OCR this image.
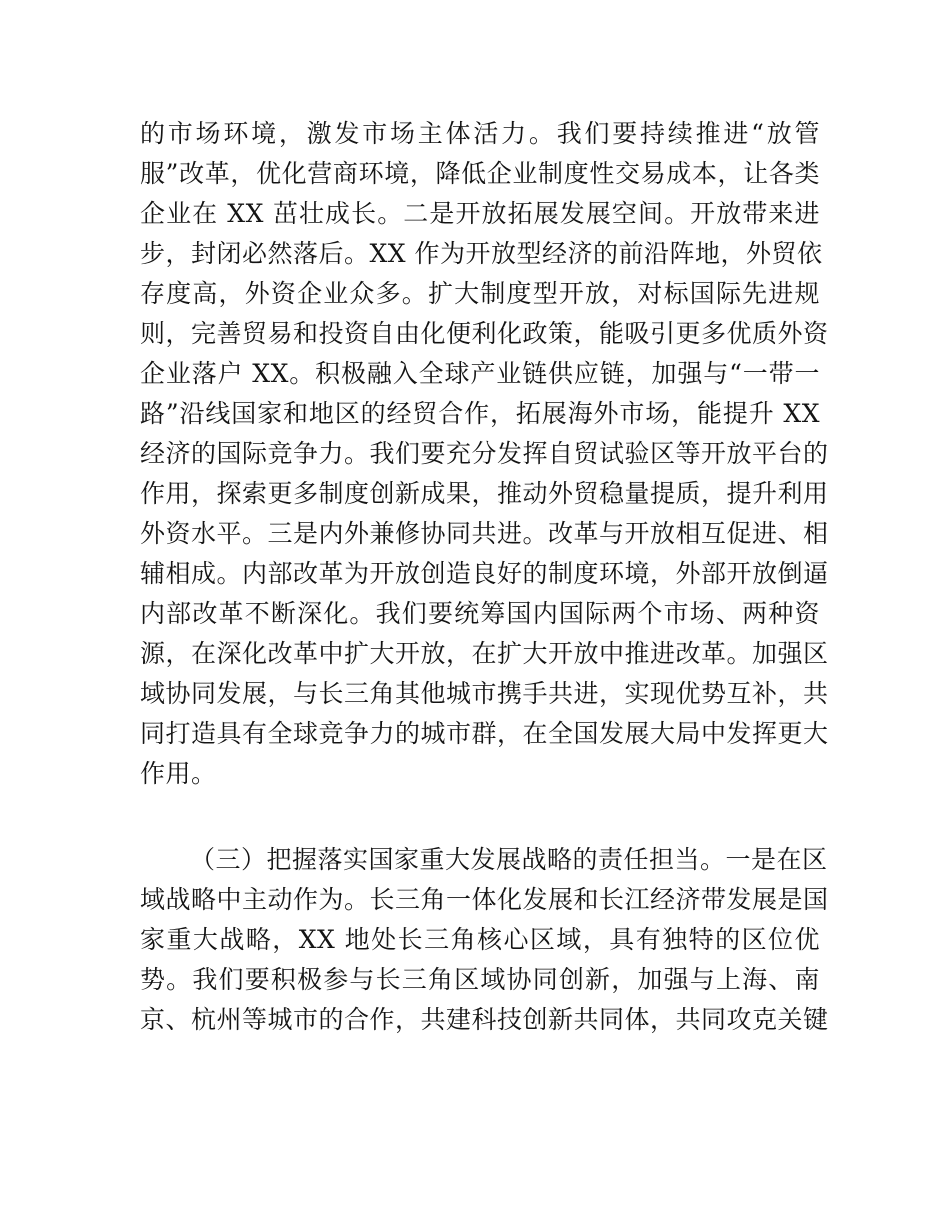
的市场环境，激发市场主体活力。我们要持续推进“放管
服”改革，优化营商环境，降低企业制度性交易成本，让各类
企业在 XX 茁壮成长。二是开放拓展发展空间。开放带来进
步，封闭必然落后。XX 作为开放型经济的前沿阵地，外贸依
存度高，外资企业众多。扩大制度型开放，对标国际先进规
则，完善贸易和投资自由化便利化政策，能吸引更多优质外资
企业落户 XX。积极融入全球产业链供应链，加强与“一带一
路”沿线国家和地区的经贸合作，拓展海外市场，能提升 XX
经济的国际竞争力。我们要充分发挥自贸试验区等开放平台的
作用，探索更多制度创新成果，推动外贸稳量提质，提升利用
外资水平。三是内外兼修协同共进。改革与开放相互促进、相
辅相成。内部改革为开放创造良好的制度环境，外部开放倒逼
内部改革不断深化。我们要统筹国内国际两个市场、两种资
源，在深化改革中扩大开放，在扩大开放中推进改革。加强区
域协同发展，与长三角其他城市携手共进，实现优势互补，共
同打造具有全球竞争力的城市群，在全国发展大局中发挥更大
作用。
（三）把握落实国家重大发展战略的责任担当。一是在区
域战略中主动作为。长三角一体化发展和长江经济带发展是国
家重大战略，XX 地处长三角核心区域，具有独特的区位优
势。我们要积极参与长三角区域协同创新，加强与上海、南
京、杭州等城市的合作，共建科技创新共同体，共同攻克关键
